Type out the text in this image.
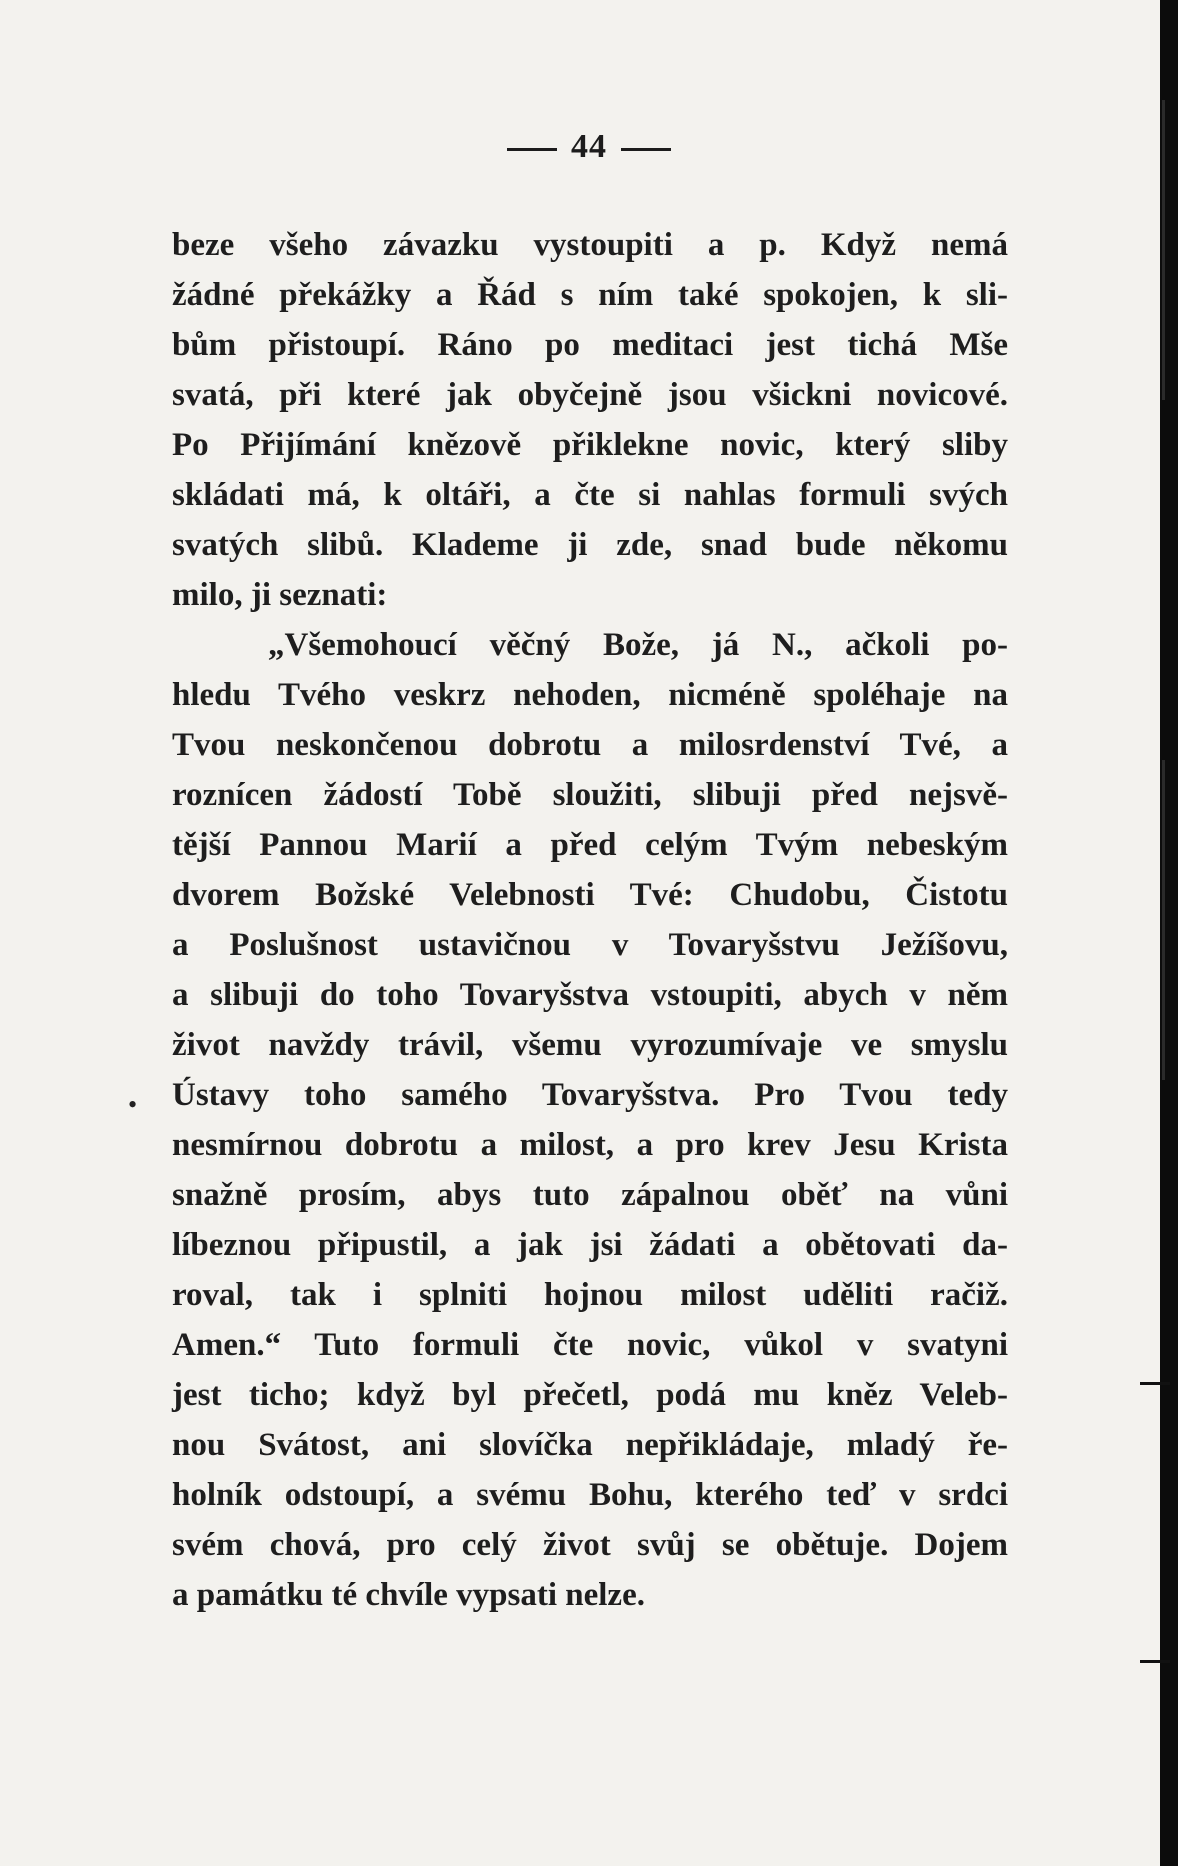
44
beze všeho závazku vystoupiti a p. Když nemá
žádné překážky a Řád s ním také spokojen, k sli-
bům přistoupí. Ráno po meditaci jest tichá Mše
svatá, při které jak obyčejně jsou všickni novicové.
Po Přijímání knězově přiklekne novic, který sliby
skládati má, k oltáři, a čte si nahlas formuli svých
svatých slibů. Klademe ji zde, snad bude někomu
milo, ji seznati:
„Všemohoucí věčný Bože, já N., ačkoli po-
hledu Tvého veskrz nehoden, nicméně spoléhaje na
Tvou neskončenou dobrotu a milosrdenství Tvé, a
roznícen žádostí Tobě sloužiti, slibuji před nejsvě-
tější Pannou Marií a před celým Tvým nebeským
dvorem Božské Velebnosti Tvé: Chudobu, Čistotu
a Poslušnost ustavičnou v Tovaryšstvu Ježíšovu,
a slibuji do toho Tovaryšstva vstoupiti, abych v něm
život navždy trávil, všemu vyrozumívaje ve smyslu
Ústavy toho samého Tovaryšstva. Pro Tvou tedy
nesmírnou dobrotu a milost, a pro krev Jesu Krista
snažně prosím, abys tuto zápalnou oběť na vůni
líbeznou připustil, a jak jsi žádati a obětovati da-
roval, tak i splniti hojnou milost uděliti račiž.
Amen.“ Tuto formuli čte novic, vůkol v svatyni
jest ticho; když byl přečetl, podá mu kněz Veleb-
nou Svátost, ani slovíčka nepřikládaje, mladý ře-
holník odstoupí, a svému Bohu, kterého teď v srdci
svém chová, pro celý život svůj se obětuje. Dojem
a památku té chvíle vypsati nelze.
•
